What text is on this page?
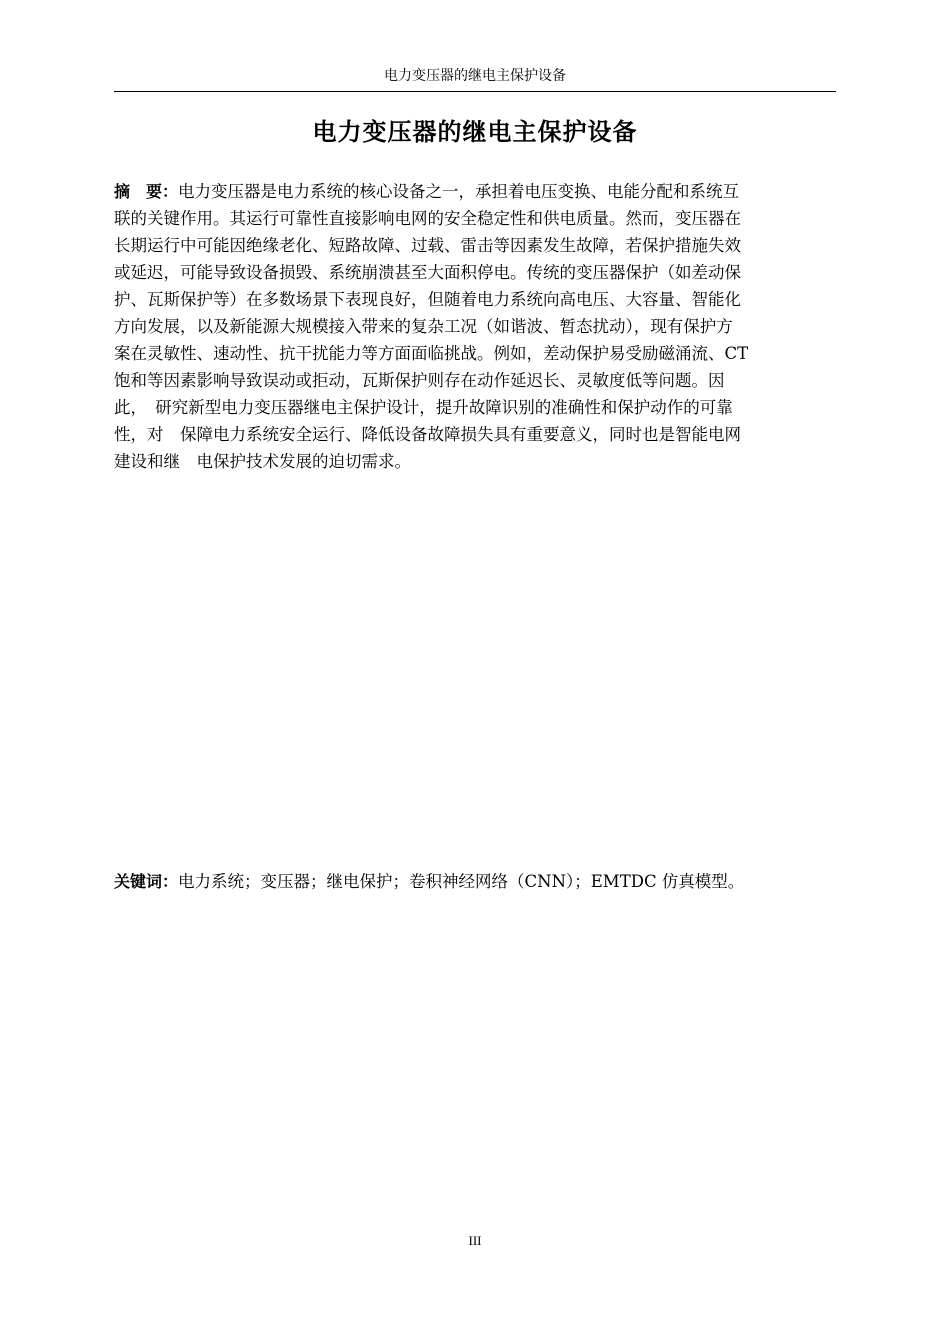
电力变压器的继电主保护设备
电力变压器的继电主保护设备
摘　要：电力变压器是电力系统的核心设备之一，承担着电压变换、电能分配和系统互
联的关键作用。其运行可靠性直接影响电网的安全稳定性和供电质量。然而，变压器在
长期运行中可能因绝缘老化、短路故障、过载、雷击等因素发生故障，若保护措施失效
或延迟，可能导致设备损毁、系统崩溃甚至大面积停电。传统的变压器保护（如差动保
护、瓦斯保护等）在多数场景下表现良好，但随着电力系统向高电压、大容量、智能化
方向发展，以及新能源大规模接入带来的复杂工况（如谐波、暂态扰动），现有保护方
案在灵敏性、速动性、抗干扰能力等方面面临挑战。例如，差动保护易受励磁涌流、CT
饱和等因素影响导致误动或拒动，瓦斯保护则存在动作延迟长、灵敏度低等问题。因
此，　研究新型电力变压器继电主保护设计，提升故障识别的准确性和保护动作的可靠
性，对　保障电力系统安全运行、降低设备故障损失具有重要意义，同时也是智能电网
建设和继　电保护技术发展的迫切需求。
关键词：电力系统；变压器；继电保护；卷积神经网络（CNN）；EMTDC 仿真模型。
III
